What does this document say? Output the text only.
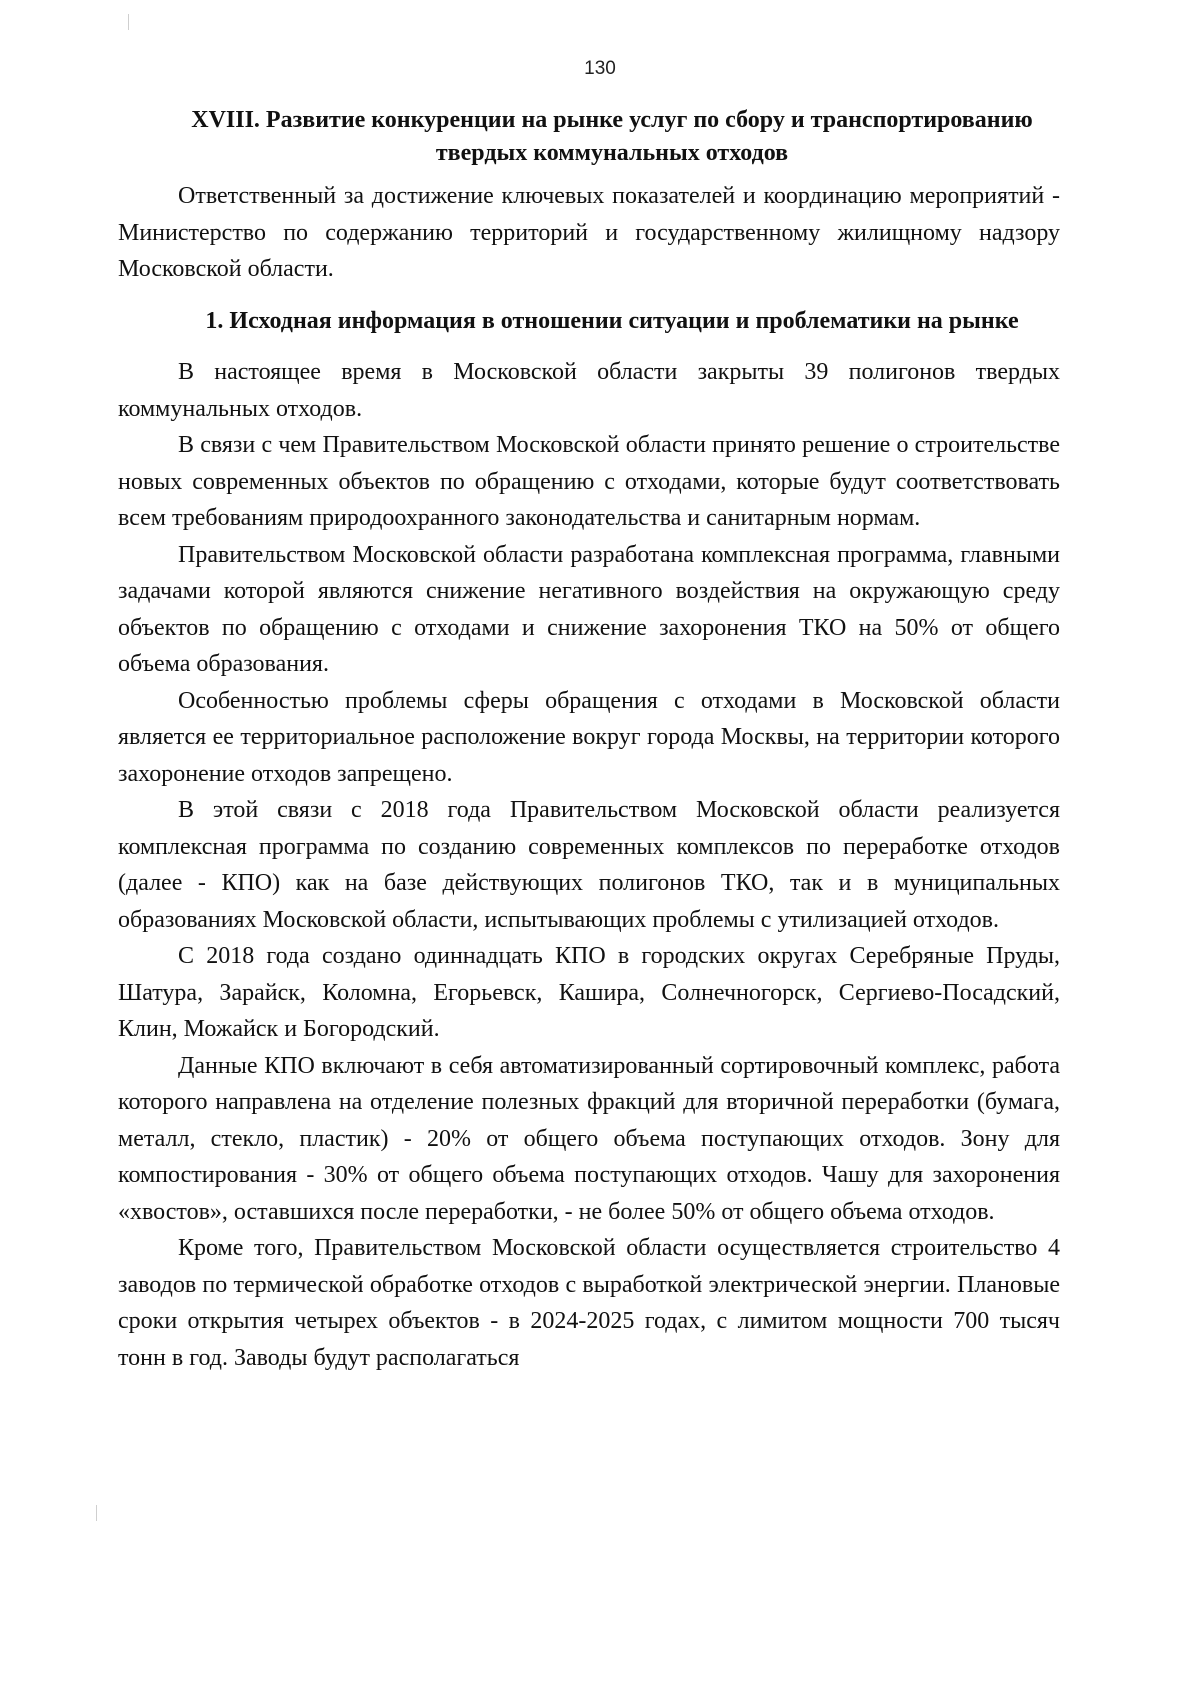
130
XVIII. Развитие конкуренции на рынке услуг по сбору и транспортированию
твердых коммунальных отходов

Ответственный за достижение ключевых показателей и координацию мероприятий - Министерство по содержанию территорий и государственному жилищному надзору Московской области.

1. Исходная информация в отношении ситуации и проблематики на рынке

В настоящее время в Московской области закрыты 39 полигонов твердых коммунальных отходов.

В связи с чем Правительством Московской области принято решение о строительстве новых современных объектов по обращению с отходами, которые будут соответствовать всем требованиям природоохранного законодательства и санитарным нормам.

Правительством Московской области разработана комплексная программа, главными задачами которой являются снижение негативного воздействия на окружающую среду объектов по обращению с отходами и снижение захоронения ТКО на 50% от общего объема образования.

Особенностью проблемы сферы обращения с отходами в Московской области является ее территориальное расположение вокруг города Москвы, на территории которого захоронение отходов запрещено.

В этой связи с 2018 года Правительством Московской области реализуется комплексная программа по созданию современных комплексов по переработке отходов (далее - КПО) как на базе действующих полигонов ТКО, так и в муниципальных образованиях Московской области, испытывающих проблемы с утилизацией отходов.

С 2018 года создано одиннадцать КПО в городских округах Серебряные Пруды, Шатура, Зарайск, Коломна, Егорьевск, Кашира, Солнечногорск, Сергиево-Посадский, Клин, Можайск и Богородский.

Данные КПО включают в себя автоматизированный сортировочный комплекс, работа которого направлена на отделение полезных фракций для вторичной переработки (бумага, металл, стекло, пластик) - 20% от общего объема поступающих отходов. Зону для компостирования - 30% от общего объема поступающих отходов. Чашу для захоронения «хвостов», оставшихся после переработки, - не более 50% от общего объема отходов.

Кроме того, Правительством Московской области осуществляется строительство 4 заводов по термической обработке отходов с выработкой электрической энергии. Плановые сроки открытия четырех объектов - в 2024-2025 годах, с лимитом мощности 700 тысяч тонн в год. Заводы будут располагаться
